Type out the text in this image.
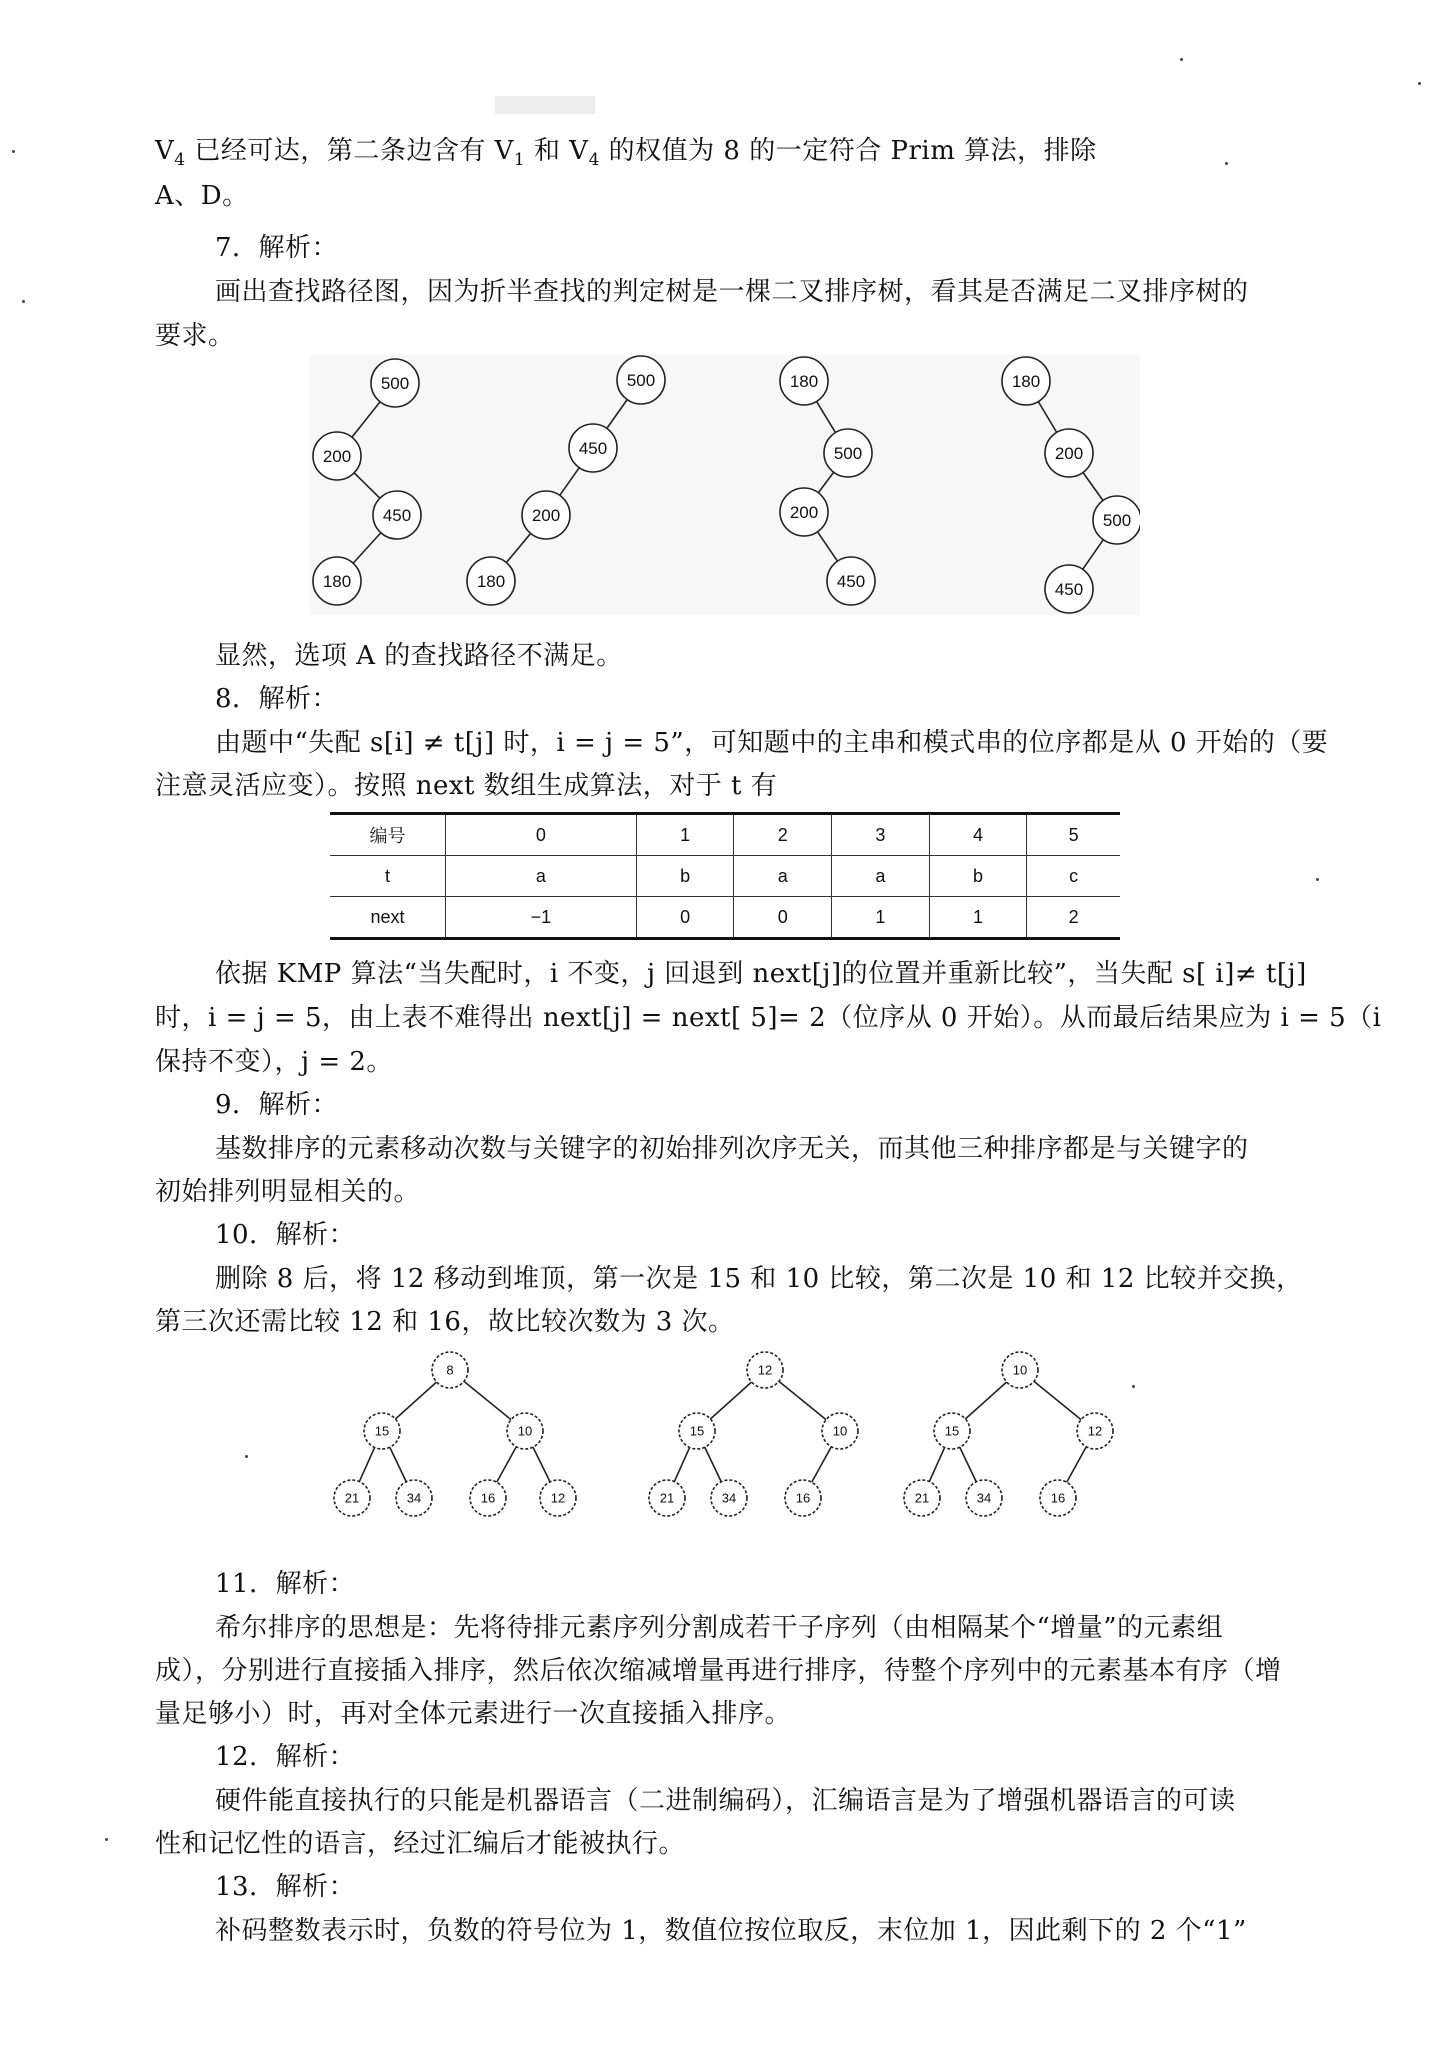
$V_4$ 已经可达，第二条边含有 $V_1$ 和 $V_4$ 的权值为 8 的一定符合 Prim 算法，排除
A、D。
7．解析：
画出查找路径图，因为折半查找的判定树是一棵二叉排序树，看其是否满足二叉排序树的
要求。
500
200
450
180
500
450
200
180
180
500
200
450
180
200
500
450
显然，选项 A 的查找路径不满足。
8．解析：
由题中“失配 s[i] ≠ t[j] 时，i = j = 5”，可知题中的主串和模式串的位序都是从 0 开始的（要
注意灵活应变）。按照 next 数组生成算法，对于 t 有
编号	0	1	2	3	4	5
t	a	b	a	a	b	c
next	−1	0	0	1	1	2
依据 KMP 算法“当失配时，i 不变，j 回退到 next[j]的位置并重新比较”，当失配 s[ i]≠ t[j]
时，i = j = 5，由上表不难得出 next[j] = next[ 5]= 2（位序从 0 开始）。从而最后结果应为 i = 5（i
保持不变），j = 2。
9．解析：
基数排序的元素移动次数与关键字的初始排列次序无关，而其他三种排序都是与关键字的
初始排列明显相关的。
10．解析：
删除 8 后，将 12 移动到堆顶，第一次是 15 和 10 比较，第二次是 10 和 12 比较并交换，
第三次还需比较 12 和 16，故比较次数为 3 次。
8
15	10
21	34	16	12
12
15	10
21	34	16
10
15	12
21	34	16
11．解析：
希尔排序的思想是：先将待排元素序列分割成若干子序列（由相隔某个“增量”的元素组
成），分别进行直接插入排序，然后依次缩减增量再进行排序，待整个序列中的元素基本有序（增
量足够小）时，再对全体元素进行一次直接插入排序。
12．解析：
硬件能直接执行的只能是机器语言（二进制编码），汇编语言是为了增强机器语言的可读
性和记忆性的语言，经过汇编后才能被执行。
13．解析：
补码整数表示时，负数的符号位为 1，数值位按位取反，末位加 1，因此剩下的 2 个“1”
